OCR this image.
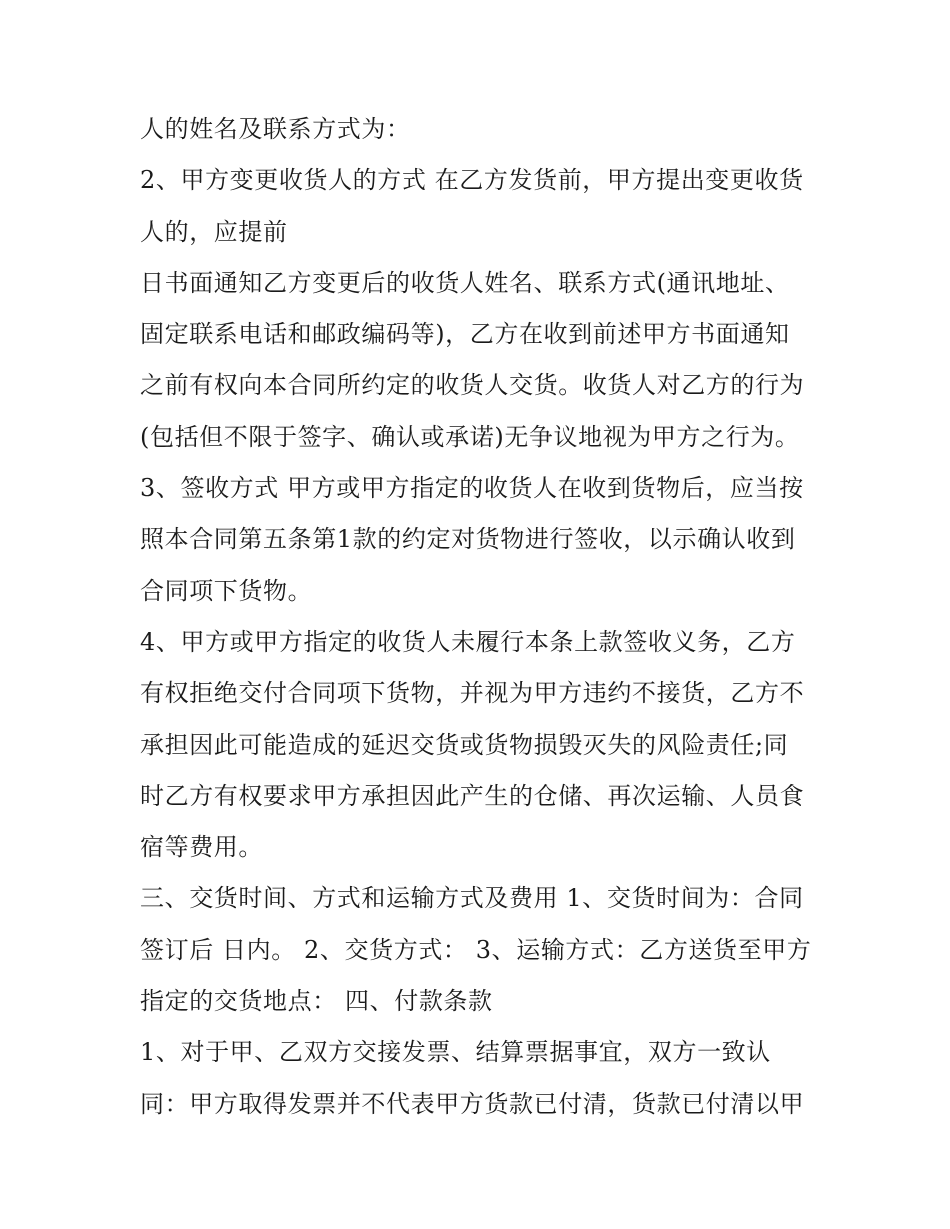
人的姓名及联系方式为：
2、甲方变更收货人的方式 在乙方发货前，甲方提出变更收货
人的，应提前
日书面通知乙方变更后的收货人姓名、联系方式(通讯地址、
固定联系电话和邮政编码等)，乙方在收到前述甲方书面通知
之前有权向本合同所约定的收货人交货。收货人对乙方的行为
(包括但不限于签字、确认或承诺)无争议地视为甲方之行为。
3、签收方式 甲方或甲方指定的收货人在收到货物后，应当按
照本合同第五条第1款的约定对货物进行签收，以示确认收到
合同项下货物。
4、甲方或甲方指定的收货人未履行本条上款签收义务，乙方
有权拒绝交付合同项下货物，并视为甲方违约不接货，乙方不
承担因此可能造成的延迟交货或货物损毁灭失的风险责任;同
时乙方有权要求甲方承担因此产生的仓储、再次运输、人员食
宿等费用。
三、交货时间、方式和运输方式及费用 1、交货时间为：合同
签订后 日内。 2、交货方式： 3、运输方式：乙方送货至甲方
指定的交货地点： 四、付款条款
1、对于甲、乙双方交接发票、结算票据事宜，双方一致认
同：甲方取得发票并不代表甲方货款已付清，货款已付清以甲
